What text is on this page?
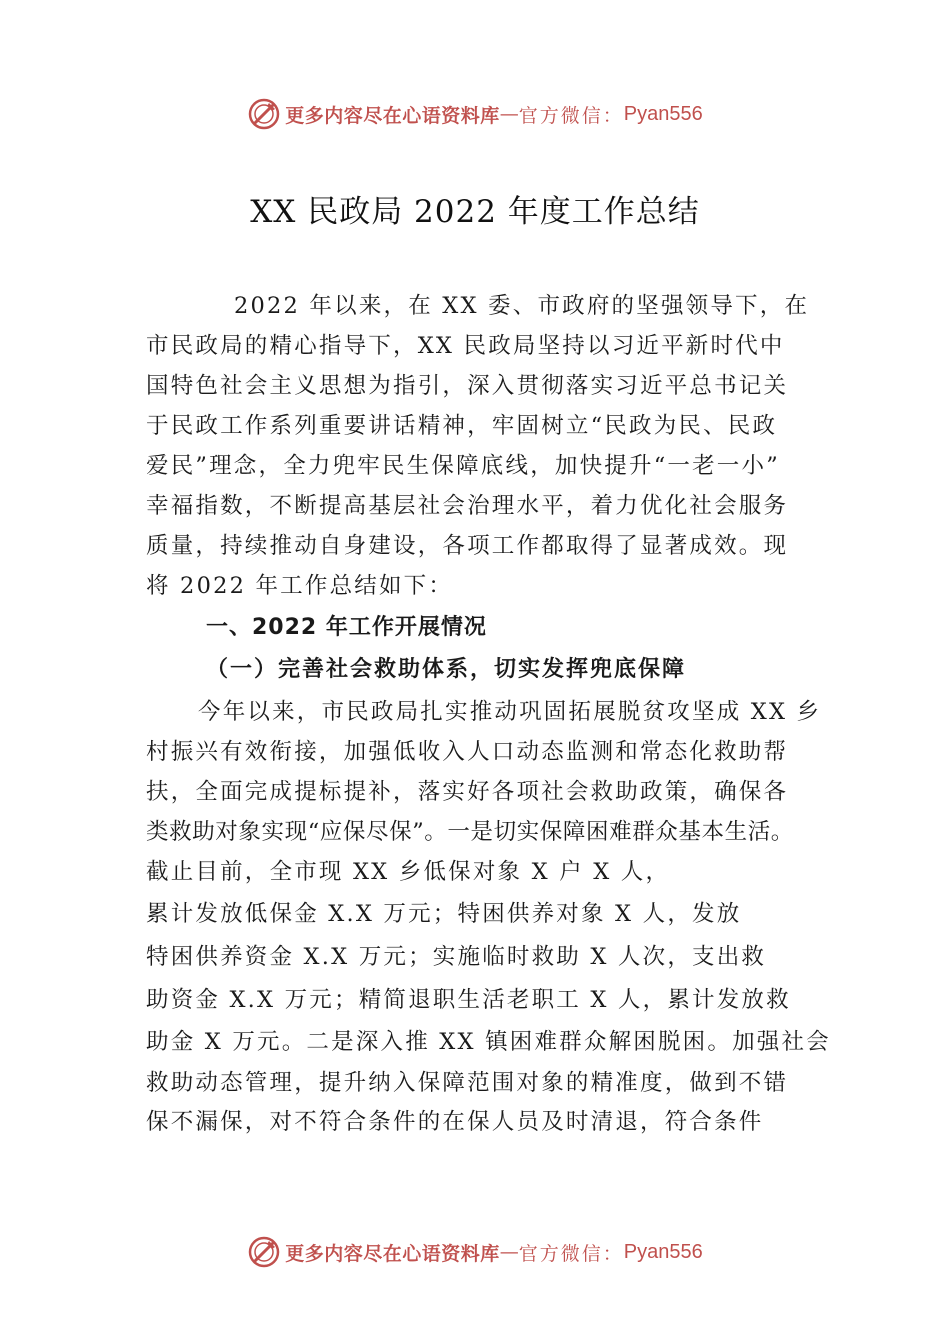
更多内容尽在心语资料库 — 官方微信： Pyan556
XX 民政局 2022 年度工作总结
2022 年以来，在 XX 委、市政府的坚强领导下，在
市民政局的精心指导下，XX 民政局坚持以习近平新时代中
国特色社会主义思想为指引，深入贯彻落实习近平总书记关
于民政工作系列重要讲话精神，牢固树立“民政为民、民政
爱民”理念，全力兜牢民生保障底线，加快提升“一老一小”
幸福指数，不断提高基层社会治理水平，着力优化社会服务
质量，持续推动自身建设，各项工作都取得了显著成效。现
将 2022 年工作总结如下：
一、2022 年工作开展情况
（一）完善社会救助体系，切实发挥兜底保障
今年以来，市民政局扎实推动巩固拓展脱贫攻坚成 XX 乡
村振兴有效衔接，加强低收入人口动态监测和常态化救助帮
扶，全面完成提标提补，落实好各项社会救助政策，确保各
类救助对象实现“应保尽保”。一是切实保障困难群众基本生活。
截止目前，全市现 XX 乡低保对象 X 户 X 人，
累计发放低保金 X.X 万元；特困供养对象 X 人，发放
特困供养资金 X.X 万元；实施临时救助 X 人次，支出救
助资金 X.X 万元；精简退职生活老职工 X 人，累计发放救
助金 X 万元。二是深入推 XX 镇困难群众解困脱困。加强社会
救助动态管理，提升纳入保障范围对象的精准度，做到不错
保不漏保，对不符合条件的在保人员及时清退，符合条件
更多内容尽在心语资料库 — 官方微信： Pyan556
